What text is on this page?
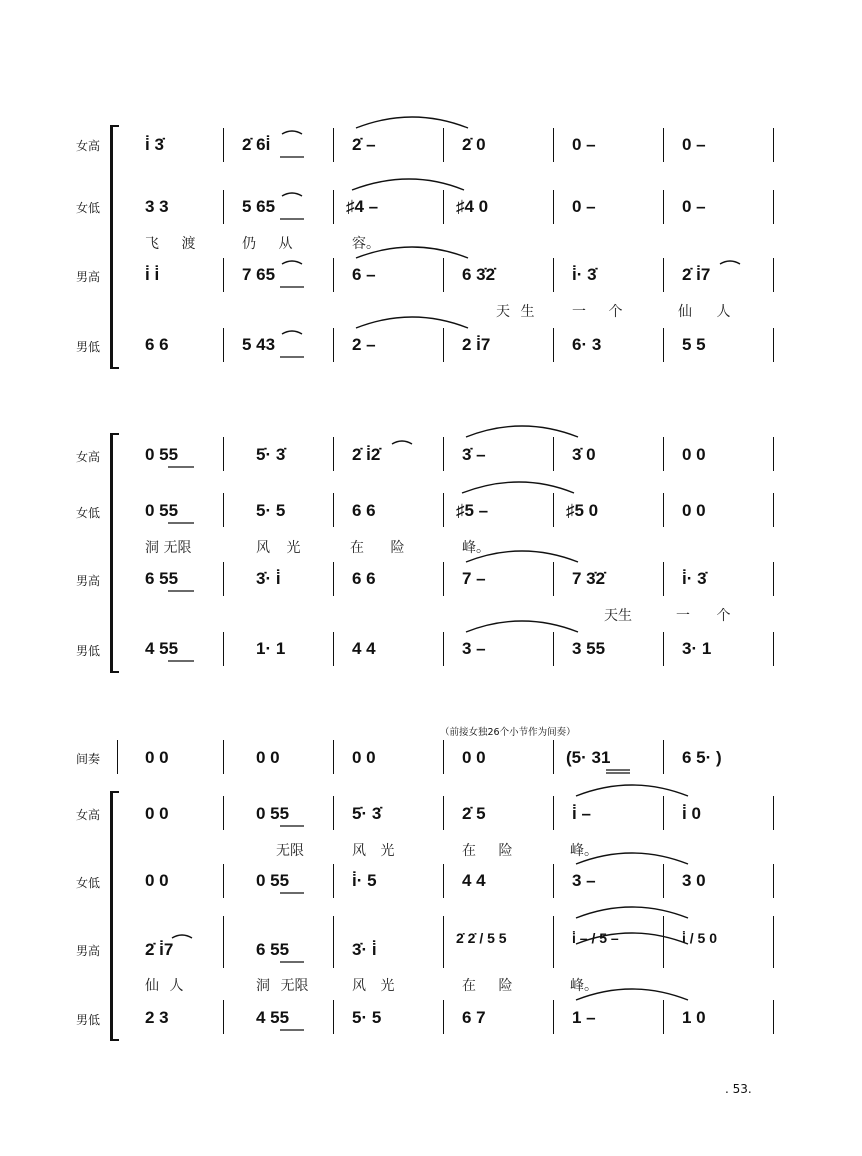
女高
女低
男高
男低
i̇ 3̇	2̇ 6i̇	2̇ –	2̇ 0	0 –	0 –
3 3	5 65	♯4 –	♯4 0	0 –	0 –
飞 渡	仍 从	容。
i̇ i̇	7 65	6 –	6 3̇2̇	i̇· 3̇	2̇ i̇7
天 生	一 个	仙 人
6 6	5 43	2 –	2 i̇7	6· 3	5 5
女高
女低
男高
男低
0 55	5̇· 3̇	2̇ i̇2̇	3̇ –	3̇ 0	0 0
0 55	5· 5	6 6	♯5 –	♯5 0	0 0
洞 无限	风 光	在 险	峰。
6 55	3̇· i̇	6 6	7 –	7 3̇2̇	i̇· 3̇
天生	一 个
4 55	1· 1	4 4	3 –	3 55	3· 1
（前接女独26个小节作为间奏）
间奏
女高
女低
男高
男低
0 0	0 0	0 0	0 0	(5· 31	6 5· )
0 0	0 55	5̇· 3̇	2̇ 5	i̇ –	i̇ 0
无限	风 光	在 险	峰。
0 0	0 55	i̇· 5	4 4	3 –	3 0
2̇ i̇7	6 55	3̇· i̇
2̇ 2̇ / 5 5	i̇ – / 5 –	i̇ / 5 0
仙 人	洞 无限	风 光	在 险	峰。
2 3	4 55	5· 5	6 7	1 –	1 0
. 53.
